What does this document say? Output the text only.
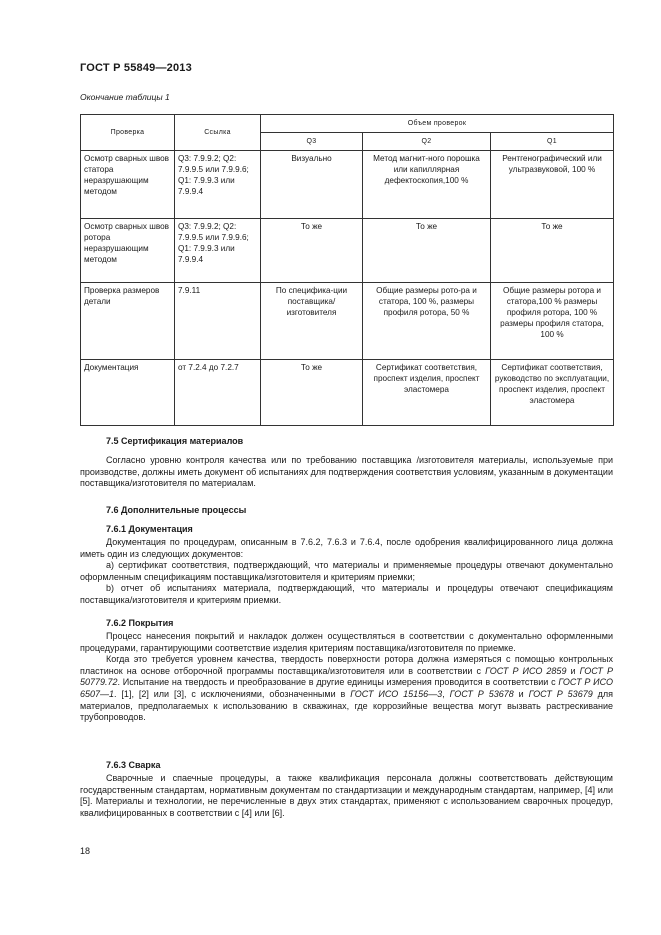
ГОСТ Р 55849—2013
Окончание таблицы 1
Проверка	Ссылка	Объем проверок		
		Q3	Q2	Q1
Осмотр сварных швов статора неразрушающим методом	Q3: 7.9.9.2; Q2: 7.9.9.5 или 7.9.9.6; Q1: 7.9.9.3 или 7.9.9.4	Визуально	Метод магнит-ного порошка или капиллярная дефектоскопия,100 %	Рентгенографический или ультразвуковой, 100 %
Осмотр сварных швов ротора неразрушающим методом	Q3: 7.9.9.2; Q2: 7.9.9.5 или 7.9.9.6; Q1: 7.9.9.3 или 7.9.9.4	То же	То же	То же
Проверка размеров детали	7.9.11	По специфика-ции поставщика/ изготовителя	Общие размеры рото-ра и статора, 100 %, размеры профиля ротора, 50 %	Общие размеры ротора и статора,100 % размеры профиля ротора, 100 % размеры профиля статора, 100 %
Документация	от 7.2.4 до 7.2.7	То же	Сертификат соответствия, проспект изделия, проспект эластомера	Сертификат соответствия, руководство по эксплуатации, проспект изделия, проспект эластомера
7.5 Сертификация материалов

Согласно уровню контроля качества или по требованию поставщика /изготовителя материалы, используемые при производстве, должны иметь документ об испытаниях для подтверждения соответствия условиям, указанным в документации поставщика/изготовителя по материалам.

7.6 Дополнительные процессы
7.6.1 Документация

Документация по процедурам, описанным в 7.6.2, 7.6.3 и 7.6.4, после одобрения квалифицированного лица должна иметь один из следующих документов:

а) сертификат соответствия, подтверждающий, что материалы и применяемые процедуры отвечают документально оформленным спецификациям поставщика/изготовителя и критериям приемки;

b) отчет об испытаниях материала, подтверждающий, что материалы и процедуры отвечают спецификациям поставщика/изготовителя и критериям приемки.

7.6.2 Покрытия

Процесс нанесения покрытий и накладок должен осуществляться в соответствии с документально оформленными процедурами, гарантирующими соответствие изделия критериям поставщика/изготовителя по приемке.

Когда это требуется уровнем качества, твердость поверхности ротора должна измеряться с помощью контрольных пластинок на основе отборочной программы поставщика/изготовителя или в соответствии с ГОСТ Р ИСО 2859 и ГОСТ Р 50779.72. Испытание на твердость и преобразование в другие единицы измерения проводится в соответствии с ГОСТ Р ИСО 6507—1. [1], [2] или [3], с исключениями, обозначенными в ГОСТ ИСО 15156—3, ГОСТ Р 53678 и ГОСТ Р 53679 для материалов, предполагаемых к использованию в скважинах, где коррозийные вещества могут вызвать растрескивание трубопроводов.

7.6.3 Сварка

Сварочные и спаечные процедуры, а также квалификация персонала должны соответствовать действующим государственным стандартам, нормативным документам по стандартизации и международным стандартам, например, [4] или [5]. Материалы и технологии, не перечисленные в двух этих стандартах, применяют с использованием сварочных процедур, квалифицированных в соответствии с [4] или [6].

18
